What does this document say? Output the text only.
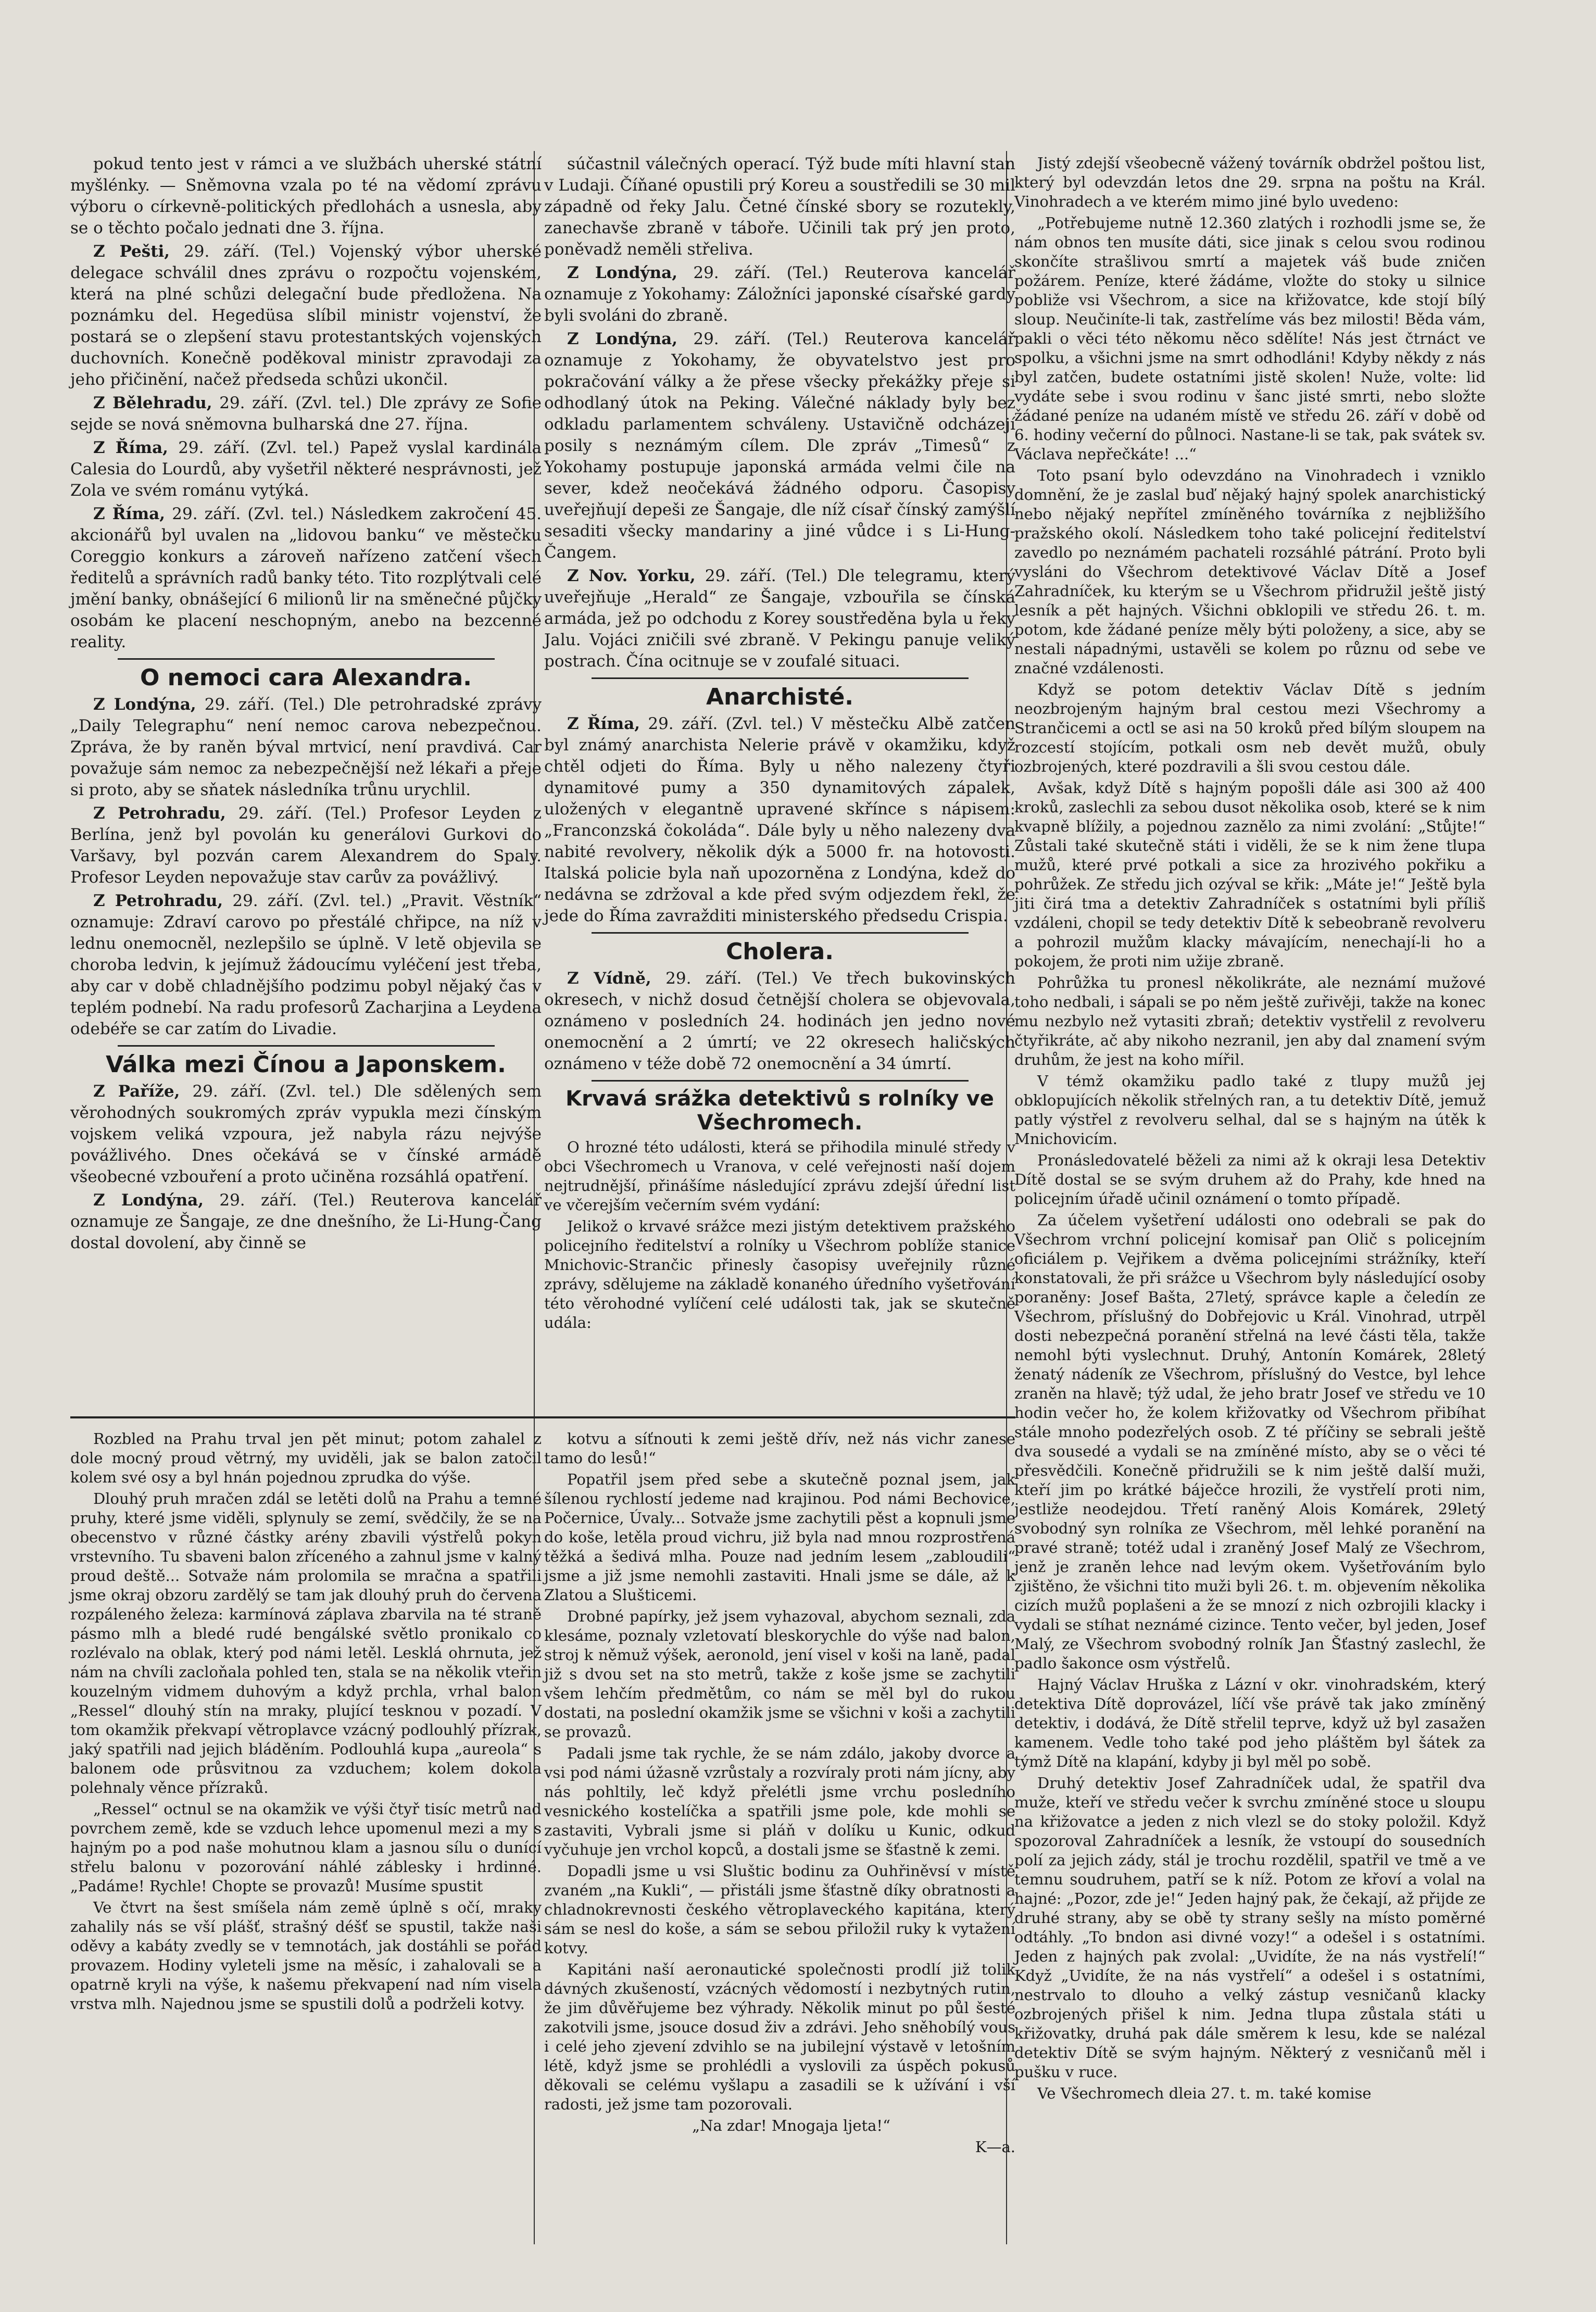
pokud tento jest v rámci a ve službách uherské státní myšlénky. — Sněmovna vzala po té na vědomí zprávu výboru o církevně-politických předlohách a usnesla, aby se o těchto počalo jednati dne 3. října.

Z Pešti, 29. září. (Tel.) Vojenský výbor uherské delegace schválil dnes zprávu o rozpočtu vojenském, která na plné schůzi delegační bude předložena. Na poznámku del. Hegedüsa slíbil ministr vojenství, že postará se o zlepšení stavu protestantských vojenských duchovních. Konečně poděkoval ministr zpravodaji za jeho přičinění, načež předseda schůzi ukončil.

Z Bělehradu, 29. září. (Zvl. tel.) Dle zprávy ze Sofie sejde se nová sněmovna bulharská dne 27. října.

Z Říma, 29. září. (Zvl. tel.) Papež vyslal kardinála Calesia do Lourdů, aby vyšetřil některé nesprávnosti, jež Zola ve svém románu vytýká.

Z Říma, 29. září. (Zvl. tel.) Následkem zakročení 45. akcionářů byl uvalen na „lidovou banku“ ve městečku Coreggio konkurs a zároveň nařízeno zatčení všech ředitelů a správních radů banky této. Tito rozplýtvali celé jmění banky, obnášející 6 milionů lir na směnečné půjčky osobám ke placení neschopným, anebo na bezcenné reality.

O nemoci cara Alexandra.

Z Londýna, 29. září. (Tel.) Dle petrohradské zprávy „Daily Telegraphu“ není nemoc carova nebezpečnou. Zpráva, že by raněn býval mrtvicí, není pravdivá. Car považuje sám nemoc za nebezpečnější než lékaři a přeje si proto, aby se sňatek následníka trůnu urychlil.

Z Petrohradu, 29. září. (Tel.) Profesor Leyden z Berlína, jenž byl povolán ku generálovi Gurkovi do Varšavy, byl pozván carem Alexandrem do Spaly. Profesor Leyden nepovažuje stav carův za povážlivý.

Z Petrohradu, 29. září. (Zvl. tel.) „Pravit. Věstník“ oznamuje: Zdraví carovo po přestálé chřipce, na níž v lednu onemocněl, nezlepšilo se úplně. V letě objevila se choroba ledvin, k jejímuž žádoucímu vyléčení jest třeba, aby car v době chladnějšího podzimu pobyl nějaký čas v teplém podnebí. Na radu profesorů Zacharjina a Leydena odebéře se car zatím do Livadie.

Válka mezi Čínou a Japonskem.

Z Paříže, 29. září. (Zvl. tel.) Dle sdělených sem věrohodných soukromých zpráv vypukla mezi čínským vojskem veliká vzpoura, jež nabyla rázu nejvýše povážlivého. Dnes očekává se v čínské armádě všeobecné vzbouření a proto učiněna rozsáhlá opatření.

Z Londýna, 29. září. (Tel.) Reuterova kancelář oznamuje ze Šangaje, ze dne dnešního, že Li-Hung-Čang dostal dovolení, aby činně se

súčastnil válečných operací. Týž bude míti hlavní stan v Ludaji. Číňané opustili prý Koreu a soustředili se 30 mil západně od řeky Jalu. Četné čínské sbory se rozutekly, zanechavše zbraně v táboře. Učinili tak prý jen proto, poněvadž neměli střeliva.

Z Londýna, 29. září. (Tel.) Reuterova kancelář oznamuje z Yokohamy: Záložníci japonské císařské gardy byli svoláni do zbraně.

Z Londýna, 29. září. (Tel.) Reuterova kancelář oznamuje z Yokohamy, že obyvatelstvo jest pro pokračování války a že přese všecky překážky přeje si odhodlaný útok na Peking. Válečné náklady byly bez odkladu parlamentem schváleny. Ustavičně odcházejí posily s neznámým cílem. Dle zpráv „Timesů“ z Yokohamy postupuje japonská armáda velmi čile na sever, kdež neočekává žádného odporu. Časopisy uveřejňují depeši ze Šangaje, dle níž císař čínský zamýšlí sesaditi všecky mandariny a jiné vůdce i s Li-Hung-Čangem.

Z Nov. Yorku, 29. září. (Tel.) Dle telegramu, který uveřejňuje „Herald“ ze Šangaje, vzbouřila se čínská armáda, jež po odchodu z Korey soustředěna byla u řeky Jalu. Vojáci zničili své zbraně. V Pekingu panuje veliký postrach. Čína ocitnuje se v zoufalé situaci.

Anarchisté.

Z Říma, 29. září. (Zvl. tel.) V městečku Albě zatčen byl známý anarchista Nelerie právě v okamžiku, když chtěl odjeti do Říma. Byly u něho nalezeny čtyři dynamitové pumy a 350 dynamitových zápalek, uložených v elegantně upravené skřínce s nápisem: „Franconzská čokoláda“. Dále byly u něho nalezeny dva nabité revolvery, několik dýk a 5000 fr. na hotovosti. Italská policie byla naň upozorněna z Londýna, kdež do nedávna se zdržoval a kde před svým odjezdem řekl, že jede do Říma zavražditi ministerského předsedu Crispia.

Cholera.

Z Vídně, 29. září. (Tel.) Ve třech bukovinských okresech, v nichž dosud četnější cholera se objevovala, oznámeno v posledních 24. hodinách jen jedno nové onemocnění a 2 úmrtí; ve 22 okresech haličských oznámeno v téže době 72 onemocnění a 34 úmrtí.

Krvavá srážka detektivů s rolníky ve Všechromech.

O hrozné této události, která se přihodila minulé středy v obci Všechromech u Vranova, v celé veřejnosti naší dojem nejtrudnější, přinášíme následující zprávu zdejší úřední list ve včerejším večerním svém vydání:

Jelikož o krvavé srážce mezi jistým detektivem pražského policejního ředitelství a rolníky u Všechrom poblíže stanice Mnichovic-Strančic přinesly časopisy uveřejnily různé zprávy, sdělujeme na základě konaného úředního vyšetřování této věrohodné vylíčení celé události tak, jak se skutečně udála:

Jistý zdejší všeobecně vážený továrník obdržel poštou list, který byl odevzdán letos dne 29. srpna na poštu na Král. Vinohradech a ve kterém mimo jiné bylo uvedeno:

„Potřebujeme nutně 12.360 zlatých i rozhodli jsme se, že nám obnos ten musíte dáti, sice jinak s celou svou rodinou skončíte strašlivou smrtí a majetek váš bude zničen požárem. Peníze, které žádáme, vložte do stoky u silnice pobliže vsi Všechrom, a sice na křižovatce, kde stojí bílý sloup. Neučiníte-li tak, zastřelíme vás bez milosti! Běda vám, pakli o věci této někomu něco sdělíte! Nás jest čtrnáct ve spolku, a všichni jsme na smrt odhodláni! Kdyby někdy z nás byl zatčen, budete ostatními jistě skolen! Nuže, volte: lid vydáte sebe i svou rodinu v šanc jisté smrti, nebo složte žádané peníze na udaném místě ve středu 26. září v době od 6. hodiny večerní do půlnoci. Nastane-li se tak, pak svátek sv. Václava nepřečkáte! ...“

Toto psaní bylo odevzdáno na Vinohradech i vzniklo domnění, že je zaslal buď nějaký hajný spolek anarchistický nebo nějaký nepřítel zmíněného továrníka z nejbližšího pražského okolí. Následkem toho také policejní ředitelství zavedlo po neznámém pachateli rozsáhlé pátrání. Proto byli vysláni do Všechrom detektivové Václav Dítě a Josef Zahradníček, ku kterým se u Všechrom přidružil ještě jistý lesník a pět hajných. Všichni obklopili ve středu 26. t. m. potom, kde žádané peníze měly býti položeny, a sice, aby se nestali nápadnými, ustavěli se kolem po různu od sebe ve značné vzdálenosti.

Když se potom detektiv Václav Dítě s jedním neozbrojeným hajným bral cestou mezi Všechromy a Strančicemi a octl se asi na 50 kroků před bílým sloupem na rozcestí stojícím, potkali osm neb devět mužů, obuly ozbrojených, které pozdravili a šli svou cestou dále.

Avšak, když Dítě s hajným popošli dále asi 300 až 400 kroků, zaslechli za sebou dusot několika osob, které se k nim kvapně blížily, a pojednou zaznělo za nimi zvolání: „Stůjte!“ Zůstali také skutečně státi i viděli, že se k nim žene tlupa mužů, které prvé potkali a sice za hrozivého pokřiku a pohrůžek. Ze středu jich ozýval se křik: „Máte je!“ Ještě byla jiti čirá tma a detektiv Zahradníček s ostatními byli příliš vzdáleni, chopil se tedy detektiv Dítě k sebeobraně revolveru a pohrozil mužům klacky mávajícím, nenechají-li ho a pokojem, že proti nim užije zbraně.

Pohrůžka tu pronesl několikráte, ale neznámí mužové toho nedbali, i sápali se po něm ještě zuřivěji, takže na konec mu nezbylo než vytasiti zbraň; detektiv vystřelil z revolveru čtyřikráte, ač aby nikoho nezranil, jen aby dal znamení svým druhům, že jest na koho mířil.

V témž okamžiku padlo také z tlupy mužů jej obklopujících několik střelných ran, a tu detektiv Dítě, jemuž patly výstřel z revolveru selhal, dal se s hajným na útěk k Mnichovicím.

Pronásledovatelé běželi za nimi až k okraji lesa Detektiv Dítě dostal se se svým druhem až do Prahy, kde hned na policejním úřadě učinil oznámení o tomto případě.

Za účelem vyšetření události ono odebrali se pak do Všechrom vrchní policejní komisař pan Olič s policejním oficiálem p. Vejřikem a dvěma policejními strážníky, kteří konstatovali, že při srážce u Všechrom byly následující osoby poraněny: Josef Bašta, 27letý, správce kaple a čeledín ze Všechrom, příslušný do Dobřejovic u Král. Vinohrad, utrpěl dosti nebezpečná poranění střelná na levé části těla, takže nemohl býti vyslechnut. Druhý, Antonín Komárek, 28letý ženatý nádeník ze Všechrom, příslušný do Vestce, byl lehce zraněn na hlavě; týž udal, že jeho bratr Josef ve středu ve 10 hodin večer ho, že kolem křižovatky od Všechrom přibíhat stále mnoho podezřelých osob. Z té příčiny se sebrali ještě dva sousedé a vydali se na zmíněné místo, aby se o věci té přesvědčili. Konečně přidružili se k nim ještě další muži, kteří jim po krátké báječce hrozili, že vystřelí proti nim, jestliže neodejdou. Třetí raněný Alois Komárek, 29letý svobodný syn rolníka ze Všechrom, měl lehké poranění na pravé straně; totéž udal i zraněný Josef Malý ze Všechrom, jenž je zraněn lehce nad levým okem. Vyšetřováním bylo zjištěno, že všichni tito muži byli 26. t. m. objevením několika cizích mužů poplašeni a že se mnozí z nich ozbrojili klacky i vydali se stíhat neznámé cizince. Tento večer, byl jeden, Josef Malý, ze Všechrom svobodný rolník Jan Šťastný zaslechl, že padlo šakonce osm výstřelů.

Hajný Václav Hruška z Lázní v okr. vinohradském, který detektiva Dítě doprovázel, líčí vše právě tak jako zmíněný detektiv, i dodává, že Dítě střelil teprve, když už byl zasažen kamenem. Vedle toho také pod jeho pláštěm byl šátek za týmž Dítě na klapání, kdyby ji byl měl po sobě.

Druhý detektiv Josef Zahradníček udal, že spatřil dva muže, kteří ve středu večer k svrchu zmíněné stoce u sloupu na křižovatce a jeden z nich vlezl se do stoky položil. Když spozoroval Zahradníček a lesník, že vstoupí do sousedních polí za jejich zády, stál je trochu rozdělil, spatřil ve tmě a ve temnu soudruhem, patří se k níž. Potom ze křoví a volal na hajné: „Pozor, zde je!“ Jeden hajný pak, že čekají, až přijde ze druhé strany, aby se obě ty strany sešly na místo poměrné odtáhly. „To bndon asi divné vozy!“ a odešel i s ostatními. Jeden z hajných pak zvolal: „Uvidíte, že na nás vystřelí!“ Když „Uvidíte, že na nás vystřelí“ a odešel i s ostatními, nestrvalo to dlouho a velký zástup vesničanů klacky ozbrojených přišel k nim. Jedna tlupa zůstala státi u křižovatky, druhá pak dále směrem k lesu, kde se nalézal detektiv Dítě se svým hajným. Některý z vesničanů měl i pušku v ruce.

Ve Všechromech dleia 27. t. m. také komise

Rozbled na Prahu trval jen pět minut; potom zahalel z dole mocný proud větrný, my uviděli, jak se balon zatočil kolem své osy a byl hnán pojednou zprudka do výše.

Dlouhý pruh mračen zdál se letěti dolů na Prahu a temné pruhy, které jsme viděli, splynuly se zemí, svědčily, že se na obecenstvo v různé částky arény zbavili výstřelů pokyn vrstevního. Tu sbaveni balon zříceného a zahnul jsme v kalný proud deště... Sotvaže nám prolomila se mračna a spatřili jsme okraj obzoru zardělý se tam jak dlouhý pruh do červena rozpáleného železa: karmínová záplava zbarvila na té straně pásmo mlh a bledé rudé bengálské světlo pronikalo co rozlévalo na oblak, který pod námi letěl. Lesklá ohrnuta, jež nám na chvíli zacloňala pohled ten, stala se na několik vteřin kouzelným vidmem duhovým a když prchla, vrhal balon „Ressel“ dlouhý stín na mraky, plující tesknou v pozadí. V tom okamžik překvapí větroplavce vzácný podlouhlý přízrak, jaký spatřili nad jejich bláděním. Podlouhlá kupa „aureola“ s balonem ode průsvitnou za vzduchem; kolem dokola polehnaly věnce přízraků.

„Ressel“ octnul se na okamžik ve výši čtyř tisíc metrů nad povrchem země, kde se vzduch lehce upomenul mezi a my s hajným po a pod naše mohutnou klam a jasnou sílu o dunící střelu balonu v pozorování náhlé záblesky i hrdinné. „Padáme! Rychle! Chopte se provazů! Musíme spustit

Ve čtvrt na šest smíšela nám země úplně s očí, mraky zahalily nás se vší plášť, strašný déšť se spustil, takže naši oděvy a kabáty zvedly se v temnotách, jak dostáhli se pořád provazem. Hodiny vyleteli jsme na měsíc, i zahalovali se a opatrně kryli na výše, k našemu překvapení nad ním visela vrstva mlh. Najednou jsme se spustili dolů a podrželi kotvy.

kotvu a síťnouti k zemi ještě dřív, než nás vichr zanese tamo do lesů!“

Popatřil jsem před sebe a skutečně poznal jsem, jak šílenou rychlostí jedeme nad krajinou. Pod námi Bechovice, Počernice, Úvaly... Sotvaže jsme zachytili pěst a kopnuli jsme do koše, letěla proud vichru, již byla nad mnou rozprostřená těžká a šedivá mlha. Pouze nad jedním lesem „zabloudili“ jsme a již jsme nemohli zastaviti. Hnali jsme se dále, až k Zlatou a Slušticemi.

Drobné papírky, jež jsem vyhazoval, abychom seznali, zda klesáme, poznaly vzletovatí bleskorychle do výše nad balon, stroj k němuž výšek, aeronold, jení visel v koši na laně, padal již s dvou set na sto metrů, takže z koše jsme se zachytili všem lehčím předmětům, co nám se měl byl do rukou dostati, na poslední okamžik jsme se všichni v koši a zachytili se provazů.

Padali jsme tak rychle, že se nám zdálo, jakoby dvorce a vsi pod námi úžasně vzrůstaly a rozvíraly proti nám jícny, aby nás pohltily, leč když přelétli jsme vrchu posledního vesnického kostelíčka a spatřili jsme pole, kde mohli se zastaviti, Vybrali jsme si pláň v dolíku u Kunic, odkud vyčuhuje jen vrchol kopců, a dostali jsme se šťastně k zemi.

Dopadli jsme u vsi Sluštic bodinu za Ouhřiněvsí v místě zvaném „na Kukli“, — přistáli jsme šťastně díky obratnosti a chladnokrevnosti českého větroplaveckého kapitána, který sám se nesl do koše, a sám se sebou přiložil ruky k vytažení kotvy.

Kapitáni naší aeronautické společnosti prodlí již tolik dávných zkušeností, vzácných vědomostí i nezbytných rutin, že jim důvěřujeme bez výhrady. Několik minut po půl šesté zakotvili jsme, jsouce dosud živ a zdrávi. Jeho sněhobílý vous i celé jeho zjevení zdvihlo se na jubilejní výstavě v letošním létě, když jsme se prohlédli a vyslovili za úspěch pokusů děkovali se celému vyšlapu a zasadili se k užívání i vší radosti, jež jsme tam pozorovali.

„Na zdar! Mnogaja ljeta!“

K—a.
